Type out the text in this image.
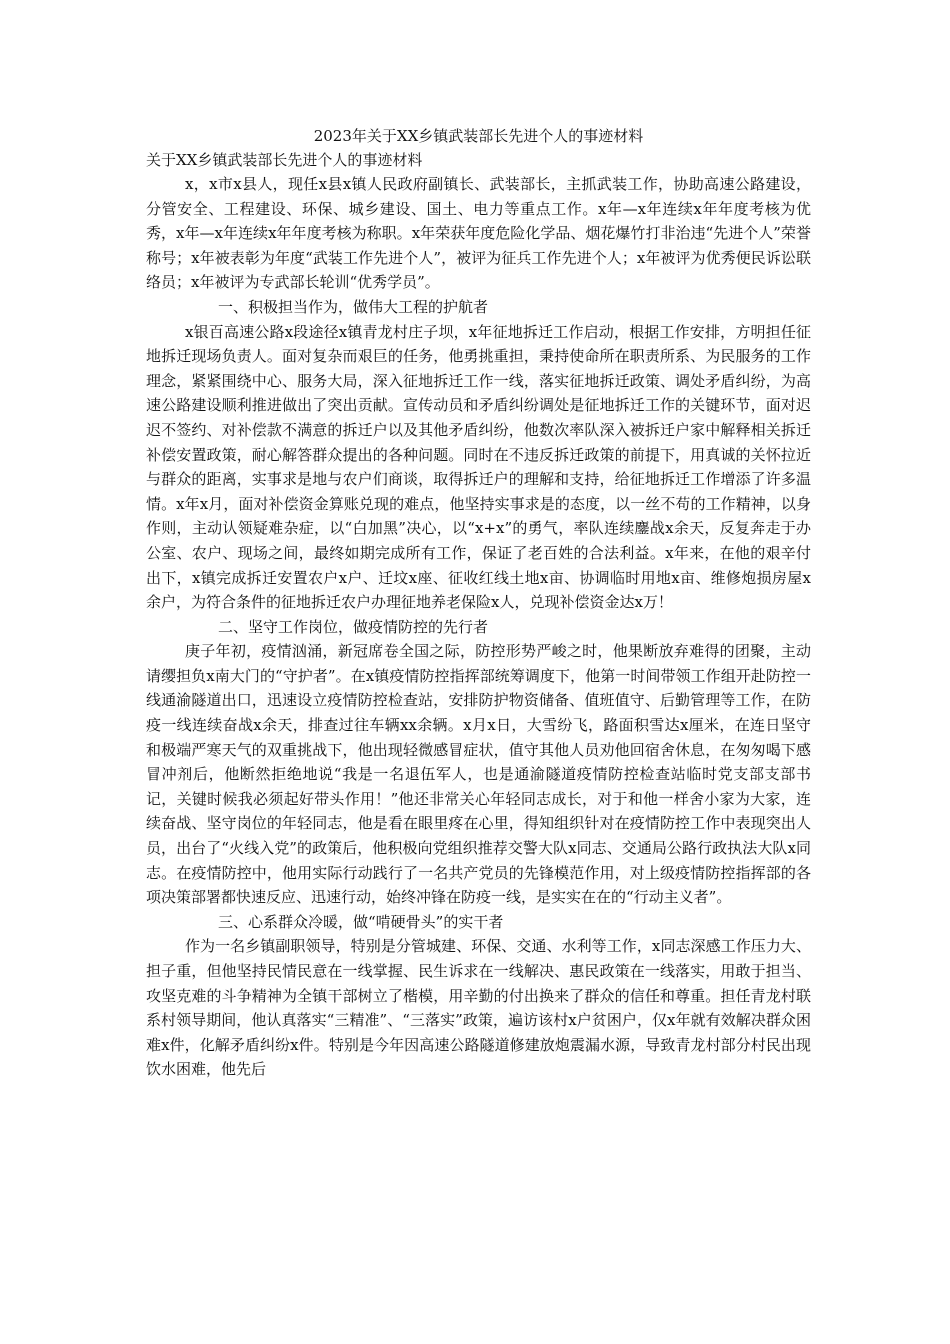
2023年关于XX乡镇武装部长先进个人的事迹材料

关于XX乡镇武装部长先进个人的事迹材料

x，x市x县人，现任x县x镇人民政府副镇长、武装部长，主抓武装工作，协助高速公路建设，分管安全、工程建设、环保、城乡建设、国土、电力等重点工作。x年—x年连续x年年度考核为优秀，x年—x年连续x年年度考核为称职。x年荣获年度危险化学品、烟花爆竹打非治违“先进个人”荣誉称号；x年被表彰为年度“武装工作先进个人”，被评为征兵工作先进个人；x年被评为优秀便民诉讼联络员；x年被评为专武部长轮训“优秀学员”。

一、积极担当作为，做伟大工程的护航者

x银百高速公路x段途径x镇青龙村庄子坝，x年征地拆迁工作启动，根据工作安排，方明担任征地拆迁现场负责人。面对复杂而艰巨的任务，他勇挑重担，秉持使命所在职责所系、为民服务的工作理念，紧紧围绕中心、服务大局，深入征地拆迁工作一线，落实征地拆迁政策、调处矛盾纠纷，为高速公路建设顺利推进做出了突出贡献。宣传动员和矛盾纠纷调处是征地拆迁工作的关键环节，面对迟迟不签约、对补偿款不满意的拆迁户以及其他矛盾纠纷，他数次率队深入被拆迁户家中解释相关拆迁补偿安置政策，耐心解答群众提出的各种问题。同时在不违反拆迁政策的前提下，用真诚的关怀拉近与群众的距离，实事求是地与农户们商谈，取得拆迁户的理解和支持，给征地拆迁工作增添了许多温情。x年x月，面对补偿资金算账兑现的难点，他坚持实事求是的态度，以一丝不苟的工作精神，以身作则，主动认领疑难杂症，以“白加黑”决心，以“x+x”的勇气，率队连续鏖战x余天，反复奔走于办公室、农户、现场之间，最终如期完成所有工作，保证了老百姓的合法利益。x年来，在他的艰辛付出下，x镇完成拆迁安置农户x户、迁坟x座、征收红线土地x亩、协调临时用地x亩、维修炮损房屋x余户，为符合条件的征地拆迁农户办理征地养老保险x人，兑现补偿资金达x万！

二、坚守工作岗位，做疫情防控的先行者

庚子年初，疫情汹涌，新冠席卷全国之际，防控形势严峻之时，他果断放弃难得的团聚，主动请缨担负x南大门的“守护者”。在x镇疫情防控指挥部统筹调度下，他第一时间带领工作组开赴防控一线通渝隧道出口，迅速设立疫情防控检查站，安排防护物资储备、值班值守、后勤管理等工作，在防疫一线连续奋战x余天，排查过往车辆xx余辆。x月x日，大雪纷飞，路面积雪达x厘米，在连日坚守和极端严寒天气的双重挑战下，他出现轻微感冒症状，值守其他人员劝他回宿舍休息，在匆匆喝下感冒冲剂后，他断然拒绝地说“我是一名退伍军人，也是通渝隧道疫情防控检查站临时党支部支部书记，关键时候我必须起好带头作用！”他还非常关心年轻同志成长，对于和他一样舍小家为大家，连续奋战、坚守岗位的年轻同志，他是看在眼里疼在心里，得知组织针对在疫情防控工作中表现突出人员，出台了“火线入党”的政策后，他积极向党组织推荐交警大队x同志、交通局公路行政执法大队x同志。在疫情防控中，他用实际行动践行了一名共产党员的先锋模范作用，对上级疫情防控指挥部的各项决策部署都快速反应、迅速行动，始终冲锋在防疫一线，是实实在在的“行动主义者”。

三、心系群众冷暖，做“啃硬骨头”的实干者

作为一名乡镇副职领导，特别是分管城建、环保、交通、水利等工作，x同志深感工作压力大、担子重，但他坚持民情民意在一线掌握、民生诉求在一线解决、惠民政策在一线落实，用敢于担当、攻坚克难的斗争精神为全镇干部树立了楷模，用辛勤的付出换来了群众的信任和尊重。担任青龙村联系村领导期间，他认真落实“三精准”、“三落实”政策，遍访该村x户贫困户，仅x年就有效解决群众困难x件，化解矛盾纠纷x件。特别是今年因高速公路隧道修建放炮震漏水源，导致青龙村部分村民出现饮水困难，他先后
